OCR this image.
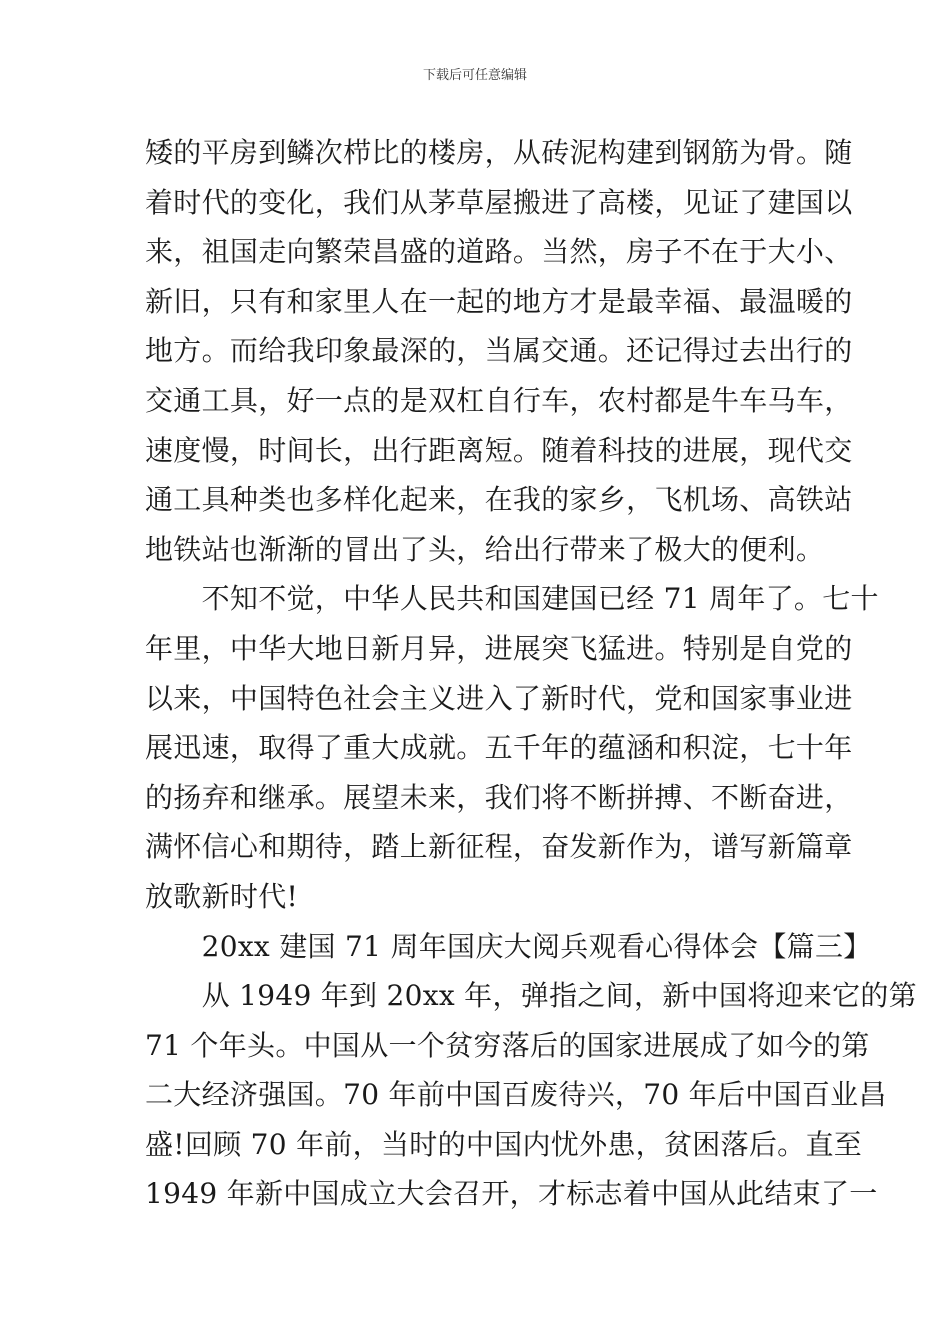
下载后可任意编辑
矮的平房到鳞次栉比的楼房，从砖泥构建到钢筋为骨。随
着时代的变化，我们从茅草屋搬进了高楼，见证了建国以
来，祖国走向繁荣昌盛的道路。当然，房子不在于大小、
新旧，只有和家里人在一起的地方才是最幸福、最温暖的
地方。而给我印象最深的，当属交通。还记得过去出行的
交通工具，好一点的是双杠自行车，农村都是牛车马车，
速度慢，时间长，出行距离短。随着科技的进展，现代交
通工具种类也多样化起来，在我的家乡，飞机场、高铁站
地铁站也渐渐的冒出了头，给出行带来了极大的便利。
　　不知不觉，中华人民共和国建国已经 71 周年了。七十
年里，中华大地日新月异，进展突飞猛进。特别是自党的
以来，中国特色社会主义进入了新时代，党和国家事业进
展迅速，取得了重大成就。五千年的蕴涵和积淀，七十年
的扬弃和继承。展望未来，我们将不断拼搏、不断奋进，
满怀信心和期待，踏上新征程，奋发新作为，谱写新篇章
放歌新时代!
　　20xx 建国 71 周年国庆大阅兵观看心得体会【篇三】
　　从 1949 年到 20xx 年，弹指之间，新中国将迎来它的第
71 个年头。中国从一个贫穷落后的国家进展成了如今的第
二大经济强国。70 年前中国百废待兴，70 年后中国百业昌
盛!回顾 70 年前，当时的中国内忧外患，贫困落后。直至
1949 年新中国成立大会召开，才标志着中国从此结束了一
